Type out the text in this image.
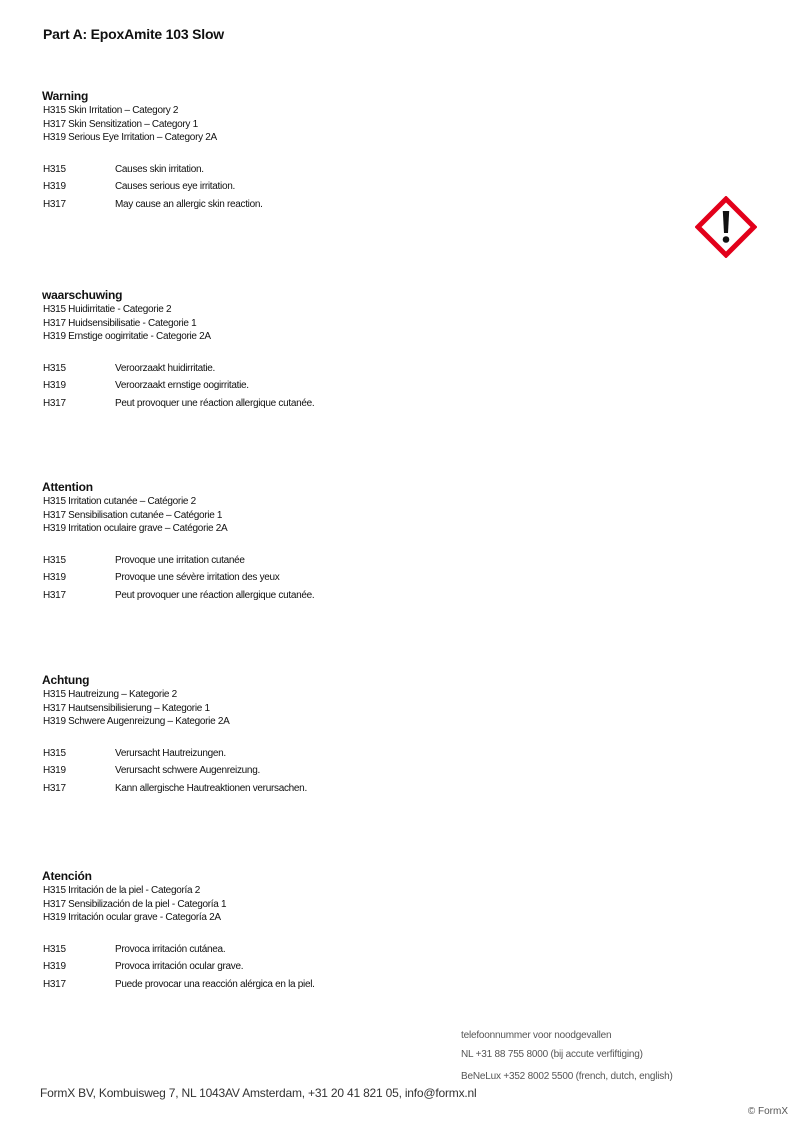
Part A: EpoxAmite 103 Slow
Warning
H315 Skin Irritation – Category 2
H317 Skin Sensitization – Category 1
H319 Serious Eye Irritation – Category 2A
H315	Causes skin irritation.
H319	Causes serious eye irritation.
H317	May cause an allergic skin reaction.
waarschuwing
H315 Huidirritatie - Categorie 2
H317 Huidsensibilisatie - Categorie 1
H319 Ernstige oogirritatie - Categorie 2A
H315	Veroorzaakt huidirritatie.
H319	Veroorzaakt ernstige oogirritatie.
H317	Peut provoquer une réaction allergique cutanée.
Attention
H315 Irritation cutanée – Catégorie 2
H317 Sensibilisation cutanée – Catégorie 1
H319 Irritation oculaire grave – Catégorie 2A
H315	Provoque une irritation cutanée
H319	Provoque une sévère irritation des yeux
H317	Peut provoquer une réaction allergique cutanée.
Achtung
H315 Hautreizung – Kategorie 2
H317 Hautsensibilisierung – Kategorie 1
H319 Schwere Augenreizung – Kategorie 2A
H315	Verursacht Hautreizungen.
H319	Verursacht schwere Augenreizung.
H317	Kann allergische Hautreaktionen verursachen.
Atención
H315 Irritación de la piel - Categoría 2
H317 Sensibilización de la piel - Categoría 1
H319 Irritación ocular grave - Categoría 2A
H315	Provoca irritación cutánea.
H319	Provoca irritación ocular grave.
H317	Puede provocar una reacción alérgica en la piel.
telefoonnummer voor noodgevallen
NL +31 88 755 8000 (bij accute verfiftiging)
BeNeLux +352 8002 5500 (french, dutch, english)
FormX BV, Kombuisweg 7, NL 1043AV Amsterdam, +31 20 41 821 05, info@formx.nl
© FormX
